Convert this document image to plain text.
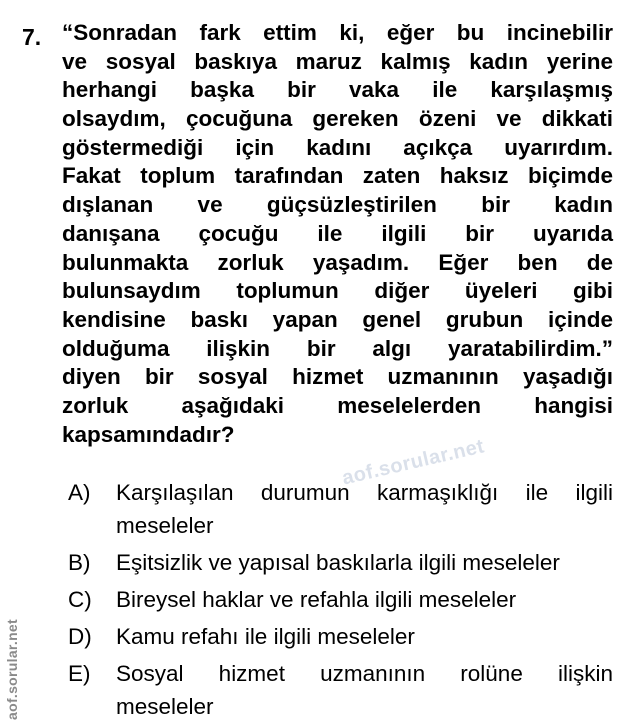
7. “Sonradan fark ettim ki, eğer bu incinebilir
ve sosyal baskıya maruz kalmış kadın yerine
herhangi başka bir vaka ile karşılaşmış
olsaydım, çocuğuna gereken özeni ve dikkati
göstermediği için kadını açıkça uyarırdım.
Fakat toplum tarafından zaten haksız biçimde
dışlanan ve güçsüzleştirilen bir kadın
danışana çocuğu ile ilgili bir uyarıda
bulunmakta zorluk yaşadım. Eğer ben de
bulunsaydım toplumun diğer üyeleri gibi
kendisine baskı yapan genel grubun içinde
olduğuma ilişkin bir algı yaratabilirdim.”
diyen bir sosyal hizmet uzmanının yaşadığı
zorluk aşağıdaki meselelerden hangisi
kapsamındadır?
aof.sorular.net
A) Karşılaşılan durumun karmaşıklığı ile ilgili
meseleler
B) Eşitsizlik ve yapısal baskılarla ilgili meseleler
C) Bireysel haklar ve refahla ilgili meseleler
D) Kamu refahı ile ilgili meseleler
E) Sosyal hizmet uzmanının rolüne ilişkin
meseleler
aof.sorular.net
